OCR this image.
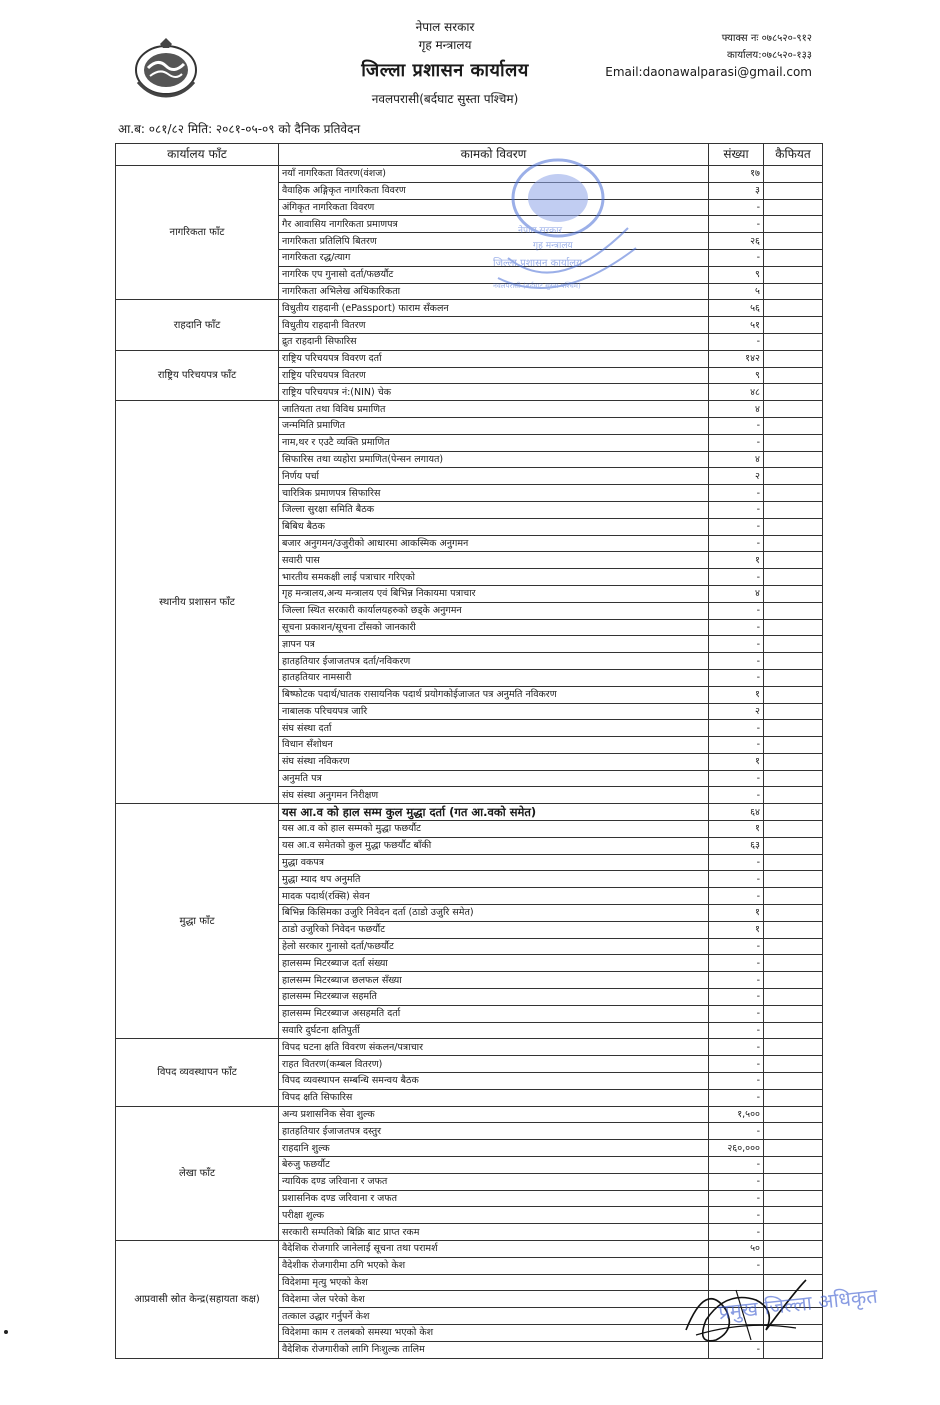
नेपाल सरकार
गृह मन्त्रालय
जिल्ला प्रशासन कार्यालय
नवलपरासी(बर्दघाट सुस्ता पश्चिम)
फ्याक्स नः ०७८५२०-९१२
कार्यालय:०७८५२०-१३३
Email:daonawalparasi@gmail.com
आ.ब: ०८१/८२ मिति: २०८१-०५-०९ को दैनिक प्रतिवेदन
कार्यालय फाँट	कामको विवरण	संख्या	कैफियत
नागरिकता फाँट	नयाँ नागरिकता वितरण(वंशज)	१७	
	वैवाहिक अङ्गिकृत नागरिकता विवरण	३	
	अंगिकृत नागरिकता विवरण	-	
	गैर आवासिय नागरिकता प्रमाणपत्र	-	
	नागरिकता प्रतिलिपि बितरण	२६	
	नागरिकता रद्ध/त्याग	-	
	नागरिक एप गुनासो दर्ता/फछर्यौट	९	
	नागरिकता अभिलेख अधिकारिकता	५	
राहदानि फाँट	विधुतीय राहदानी (ePassport) फाराम सँकलन	५६	
	विधुतीय राहदानी वितरण	५१	
	द्रुत राहदानी सिफारिस	-	
राष्ट्रिय परिचयपत्र फाँट	राष्ट्रिय परिचयपत्र विवरण दर्ता	१४२	
	राष्ट्रिय परिचयपत्र वितरण	९	
	राष्ट्रिय परिचयपत्र नं:(NIN) चेक	४८	
स्थानीय प्रशासन फाँट	जातियता तथा विविध प्रमाणित	४	
	जन्ममिति प्रमाणित	-	
	नाम,थर र एउटै व्यक्ति प्रमाणित	-	
	सिफारिस तथा व्यहोरा प्रमाणित(पेन्सन लगायत)	४	
	निर्णय पर्चा	२	
	चारित्रिक प्रमाणपत्र सिफारिस	-	
	जिल्ला सुरक्षा समिति बैठक	-	
	बिबिध बैठक	-	
	बजार अनुगमन/उजुरीको आधारमा आकस्मिक अनुगमन	-	
	सवारी पास	१	
	भारतीय समकक्षी लाई पत्राचार गरिएको	-	
	गृह मन्त्रालय,अन्य मन्त्रालय एवं बिभिन्न निकायमा पत्राचार	४	
	जिल्ला स्थित सरकारी कार्यालयहरुको छड्के अनुगमन	-	
	सूचना प्रकाशन/सूचना टाँसको जानकारी	-	
	ज्ञापन पत्र	-	
	हातहतियार ईजाजतपत्र दर्ता/नविकरण	-	
	हातहतियार नामसारी	-	
	बिष्फोटक पदार्थ/घातक रासायनिक पदार्थ प्रयोगकोईजाजत पत्र अनुमति नविकरण	१	
	नाबालक परिचयपत्र जारि	२	
	संघ संस्था दर्ता	-	
	विधान सँशोधन	-	
	संघ संस्था नविकरण	१	
	अनुमति पत्र	-	
	संघ संस्था अनुगमन निरीक्षण	-	
मुद्धा फाँट	यस आ.व को हाल सम्म कुल मुद्धा दर्ता (गत आ.वको समेत)	६४	
	यस आ.व को हाल सम्मको मुद्धा फछर्यौट	१	
	यस आ.व समेतको कुल मुद्धा फछर्यौट बाँकी	६३	
	मुद्धा वकपत्र	-	
	मुद्धा म्याद थप अनुमति	-	
	मादक पदार्थ(रक्सि) सेवन	-	
	बिभिन्न किसिमका उजुरि निवेदन दर्ता (ठाडो उजुरि समेत)	१	
	ठाडो उजुरिको निवेदन फछर्यौट	१	
	हेलो सरकार गुनासो दर्ता/फछर्यौट	-	
	हालसम्म मिटरब्याज दर्ता संख्या	-	
	हालसम्म मिटरब्याज छलफल सँख्या	-	
	हालसम्म मिटरब्याज सहमति	-	
	हालसम्म मिटरब्याज असहमति दर्ता	-	
	सवारि दुर्घटना क्षतिपुर्ती	-	
विपद व्यवस्थापन फाँट	विपद घटना क्षति विवरण संकलन/पत्राचार	-	
	राहत वितरण(कम्बल वितरण)	-	
	विपद व्यवस्थापन सम्बन्धि समन्वय बैठक	-	
	विपद क्षति सिफारिस	-	
लेखा फाँट	अन्य प्रशासनिक सेवा शुल्क	१,५००	
	हातहतियार ईजाजतपत्र दस्तुर	-	
	राहदानि शुल्क	२६०,०००	
	बेरुजु फछर्यौट	-	
	न्यायिक दण्ड जरिवाना र जफत	-	
	प्रशासनिक दण्ड जरिवाना र जफत	-	
	परीक्षा शुल्क	-	
	सरकारी सम्पतिको बिक्रि बाट प्राप्त रकम	-	
आप्रवासी स्रोत केन्द्र(सहायता कक्ष)	वैदेशिक रोजगारि जानेलाई सूचना तथा परामर्श	५०	
	वैदेशीक रोजगारीमा ठगि भएको केश	-	
	विदेशमा मृत्यु भएको केश		
	विदेशमा जेल परेको केश		
	तत्काल उद्धार गर्नुपर्ने केश		
	विदेशमा काम र तलबको समस्या भएको केश		
	वैदेशिक रोजगारीको लागि निःशुल्क तालिम	-	
नेपाल सरकार
गृह मन्त्रालय
जिल्ला प्रशासन कार्यालय
नवलपरासी (बर्दघाट सुस्ता पश्चिम)
प्रमुख जिल्ला अधिकृत
